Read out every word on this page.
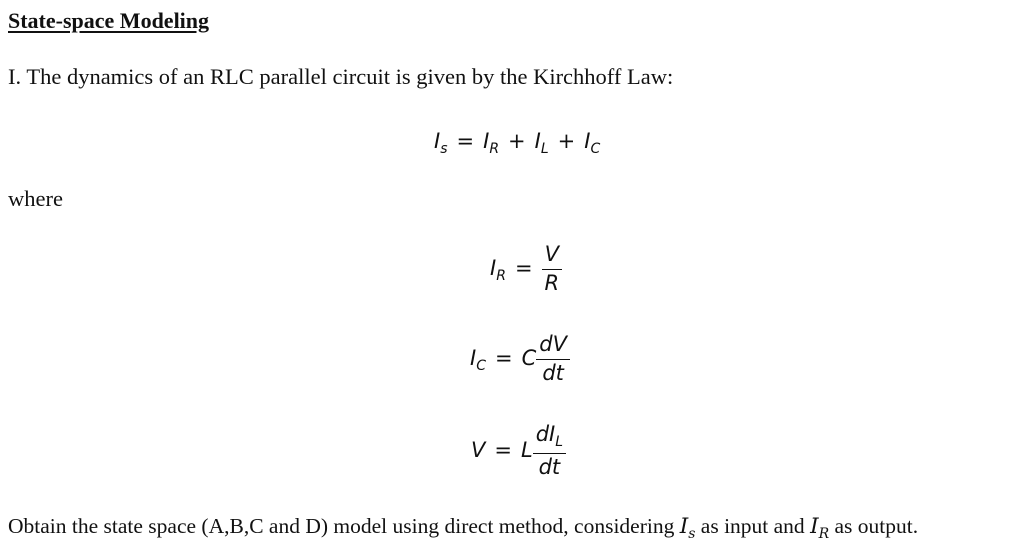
State-space Modeling
I. The dynamics of an RLC parallel circuit is given by the Kirchhoff Law:
$I_s = I_R + I_L + I_C$
where
$I_R = \frac{V}{R}$
$I_C = C \frac{dV}{dt}$
V = L $\frac{dI_L}{dt}$
Obtain the state space (A,B,C and D) model using direct method, considering $I_s$ as input and $I_R$ as output.
